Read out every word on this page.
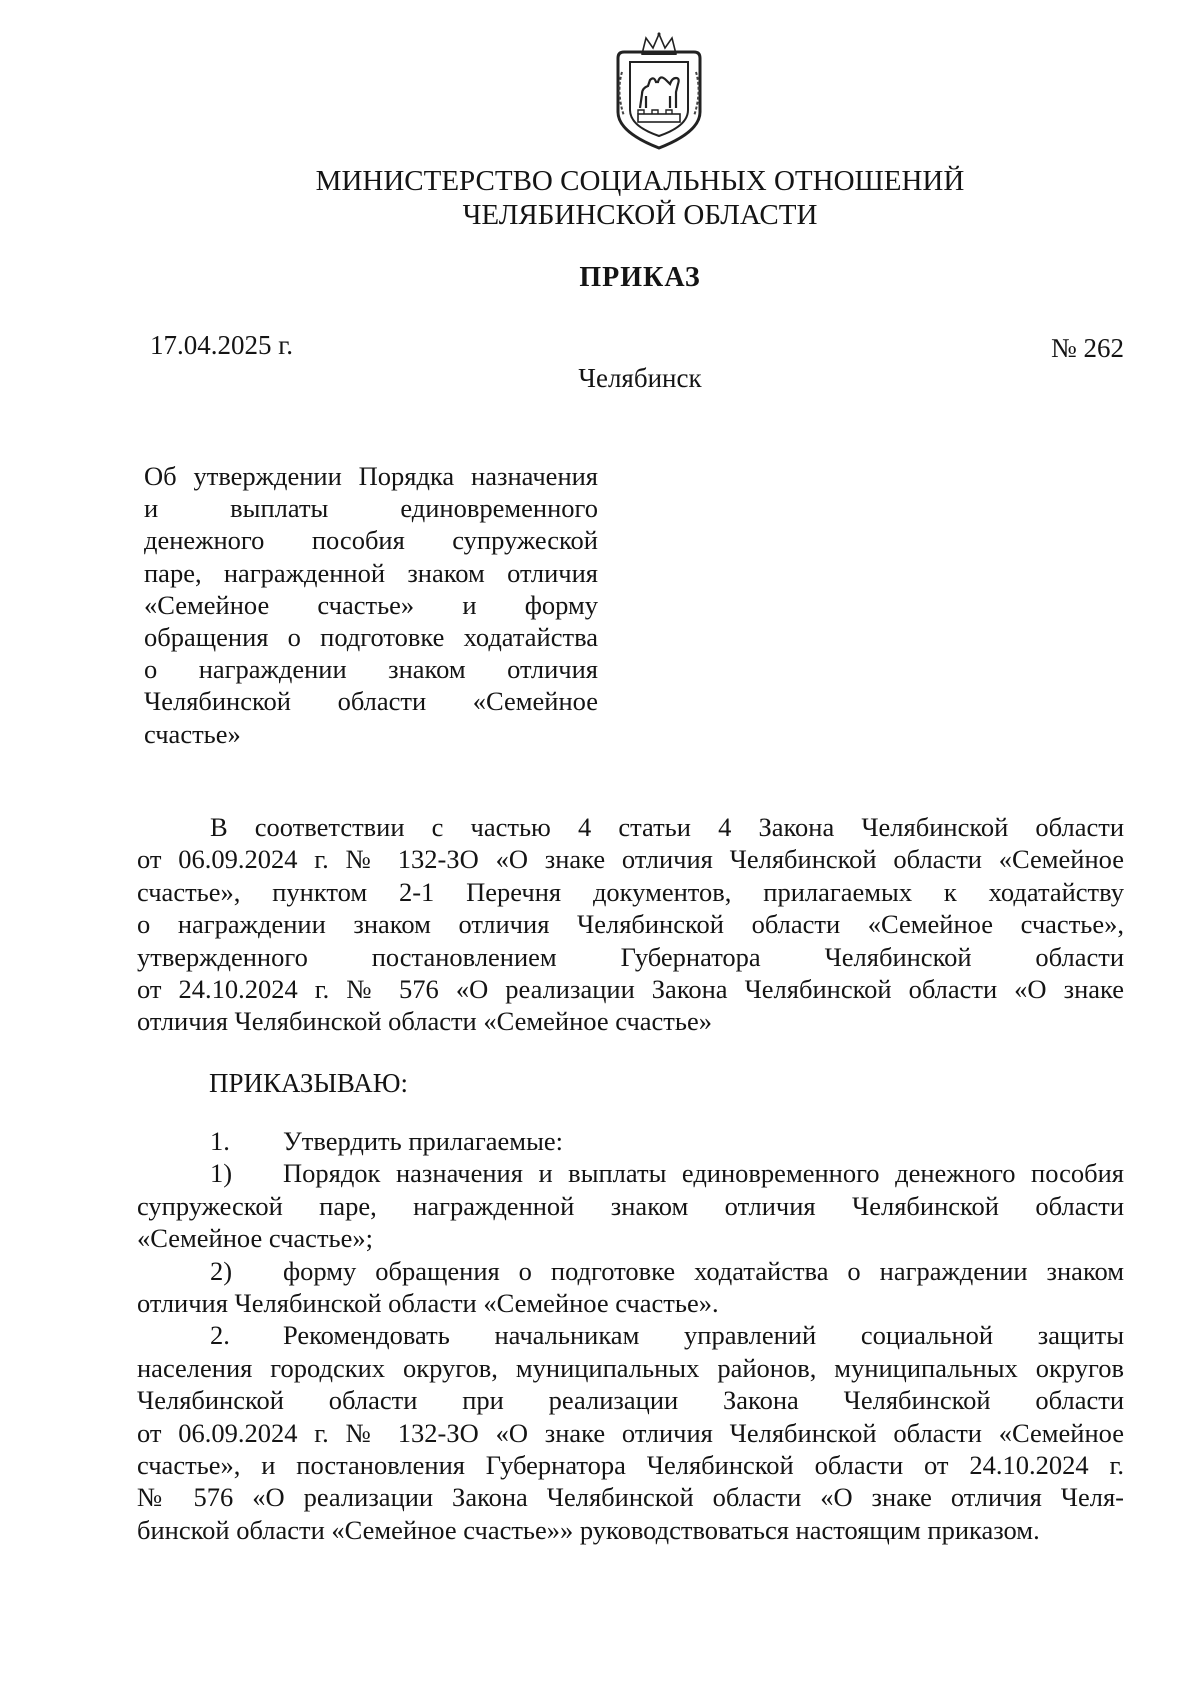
МИНИСТЕРСТВО СОЦИАЛЬНЫХ ОТНОШЕНИЙ
ЧЕЛЯБИНСКОЙ ОБЛАСТИ
ПРИКАЗ
17.04.2025 г.	№ 262
Челябинск
Об утверждении Порядка назначения
и выплаты единовременного
денежного пособия супружеской
паре, награжденной знаком отличия
«Семейное счастье» и форму
обращения о подготовке ходатайства
о награждении знаком отличия
Челябинской области «Семейное
счастье»
В соответствии с частью 4 статьи 4 Закона Челябинской области
от 06.09.2024 г. № 132-ЗО «О знаке отличия Челябинской области «Семейное
счастье», пунктом 2-1 Перечня документов, прилагаемых к ходатайству
о награждении знаком отличия Челябинской области «Семейное счастье»,
утвержденного постановлением Губернатора Челябинской области
от 24.10.2024 г. № 576 «О реализации Закона Челябинской области «О знаке
отличия Челябинской области «Семейное счастье»
ПРИКАЗЫВАЮ:
1. Утвердить прилагаемые:
1) Порядок назначения и выплаты единовременного денежного пособия
супружеской паре, награжденной знаком отличия Челябинской области
«Семейное счастье»;
2) форму обращения о подготовке ходатайства о награждении знаком
отличия Челябинской области «Семейное счастье».
2. Рекомендовать начальникам управлений социальной защиты
населения городских округов, муниципальных районов, муниципальных округов
Челябинской области при реализации Закона Челябинской области
от 06.09.2024 г. № 132-ЗО «О знаке отличия Челябинской области «Семейное
счастье», и постановления Губернатора Челябинской области от 24.10.2024 г.
№ 576 «О реализации Закона Челябинской области «О знаке отличия Челя-
бинской области «Семейное счастье»» руководствоваться настоящим приказом.
